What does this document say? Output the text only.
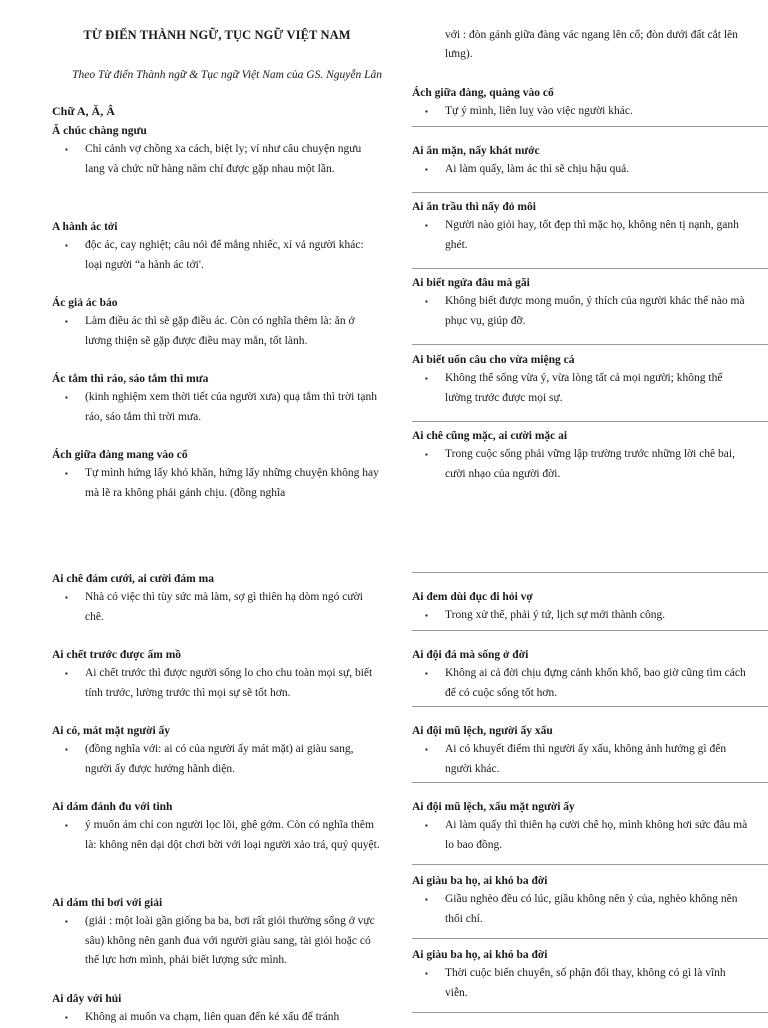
TỪ ĐIỂN THÀNH NGỮ, TỤC NGỮ VIỆT NAM
Theo Từ điển Thành ngữ & Tục ngữ Việt Nam của GS. Nguyễn Lân
Chữ A, Ă, Â
Ă chúc chàng ngưu
▪	Chỉ cảnh vợ chồng xa cách, biệt ly; ví như câu chuyện ngưu lang và chức nữ hàng năm chỉ được gặp nhau một lần.
A hành ác tởi
▪	độc ác, cay nghiệt; câu nói để mắng nhiếc, xỉ vả người khác: loại người “a hành ác tởi'.
Ác giả ác báo
▪	Làm điều ác thì sẽ gặp điều ác. Còn có nghĩa thêm là: ăn ở lương thiện sẽ gặp được điều may mắn, tốt lành.
Ác tắm thì ráo, sáo tắm thì mưa
▪	(kinh nghiệm xem thời tiết của người xưa) quạ tắm thì trời tạnh ráo, sáo tắm thì trời mưa.
Ách giữa đàng mang vào cổ
▪	Tự mình hứng lấy khó khăn, hứng lấy những chuyện không hay mà lẽ ra không phải gánh chịu. (đồng nghĩa
Ai chê đám cưới, ai cười đám ma
▪	Nhà có việc thì tùy sức mà làm, sợ gì thiên hạ dòm ngó cười chê.
Ai chết trước được ấm mồ
▪	Ai chết trước thì được người sống lo cho chu toàn mọi sự, biết tính trước, lường trước thì mọi sự sẽ tốt hơn.
Ai có, mát mặt người ấy
▪	(đồng nghĩa với: ai có của người ấy mát mặt) ai giàu sang, người ấy được hưởng hãnh diện.
Ai dám đánh đu với tinh
▪	ý muốn ám chỉ con người lọc lõi, ghê gớm. Còn có nghĩa thêm là: không nên dại dột chơi bời với loại người xảo trá, quỷ quyệt.
Ai dám thi bơi với giải
▪	(giải : một loài gần giống ba ba, bơi rất giỏi thường sống ở vực sâu) không nên ganh đua với người giàu sang, tài giỏi hoặc có thế lực hơn mình, phải biết lượng sức mình.
Ai dây với hủi
▪	Không ai muốn va chạm, liên quan đến kẻ xấu để tránh
với : đòn gánh giữa đàng vác ngang lên cổ; đòn dưới đất cắt lên lưng).
Ách giữa đàng, quàng vào cổ
▪	Tự ý mình, liên luỵ vào việc người khác.
Ai ăn mặn, nấy khát nước
▪	Ai làm quấy, làm ác thì sẽ chịu hậu quả.
Ai ăn trầu thì nấy đỏ môi
▪	Người nào giỏi hay, tốt đẹp thì mặc họ, không nên tị nạnh, ganh ghét.
Ai biết ngứa đâu mà gãi
▪	Không biết được mong muốn, ý thích của người khác thế nào mà phục vụ, giúp đỡ.
Ai biết uốn câu cho vừa miệng cá
▪	Không thể sống vừa ý, vừa lòng tất cả mọi người; không thể lường trước được mọi sự.
Ai chê cũng mặc, ai cười mặc ai
▪	Trong cuộc sống phải vững lập trường trước những lời chê bai, cười nhạo của người đời.
Ai đem dùi đục đi hỏi vợ
▪	Trong xử thế, phải ý tứ, lịch sự mới thành công.
Ai đội đá mà sống ở đời
▪	Không ai cả đời chịu đựng cảnh khốn khổ, bao giờ cũng tìm cách để có cuộc sống tốt hơn.
Ai đội mũ lệch, người ấy xấu
▪	Ai có khuyết điểm thì người ấy xấu, không ảnh hưởng gì đến người khác.
Ai đội mũ lệch, xấu mặt người ấy
▪	Ai làm quấy thì thiên hạ cười chê họ, mình không hơi sức đâu mà lo bao đồng.
Ai giàu ba họ, ai khó ba đời
▪	Giầu nghèo đều có lúc, giầu không nên ỷ của, nghèo không nên thối chí.
Ai giàu ba họ, ai khó ba đời
▪	Thời cuộc biến chuyển, số phận đổi thay, không có gì là vĩnh viễn.
